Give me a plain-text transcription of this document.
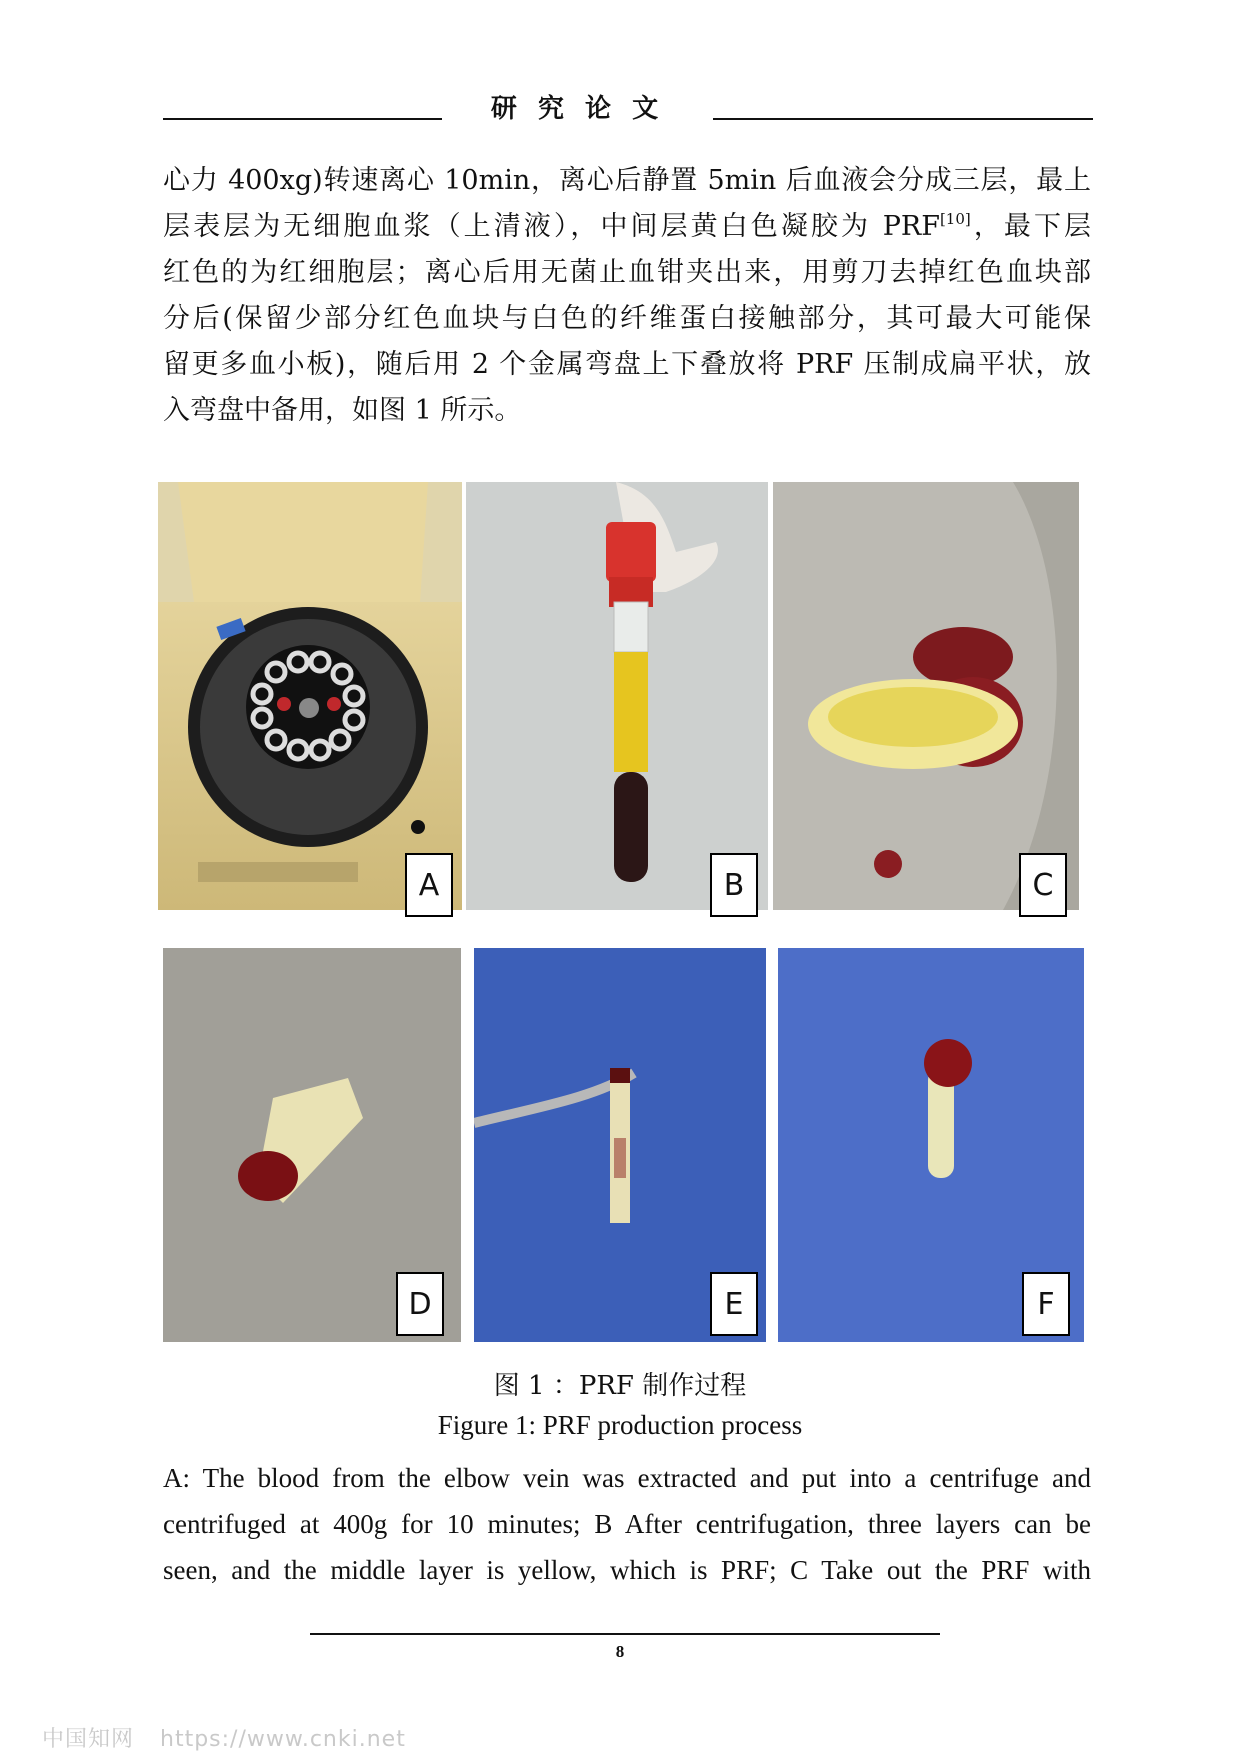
研 究 论 文
心力 400xg)转速离心 10min，离心后静置 5min 后血液会分成三层，最上
层表层为无细胞血浆（上清液），中间层黄白色凝胶为 PRF[10]，最下层
红色的为红细胞层；离心后用无菌止血钳夹出来，用剪刀去掉红色血块部
分后(保留少部分红色血块与白色的纤维蛋白接触部分，其可最大可能保
留更多血小板)，随后用 2 个金属弯盘上下叠放将 PRF 压制成扁平状，放
入弯盘中备用，如图 1 所示。
A	B	C
D	E	F
图 1 ：PRF 制作过程
Figure 1: PRF production process
A: The blood from the elbow vein was extracted and put into a centrifuge and
centrifuged at 400g for 10 minutes; B After centrifugation, three layers can be
seen, and the middle layer is yellow, which is PRF; C Take out the PRF with
8
中国知网 https://www.cnki.net
